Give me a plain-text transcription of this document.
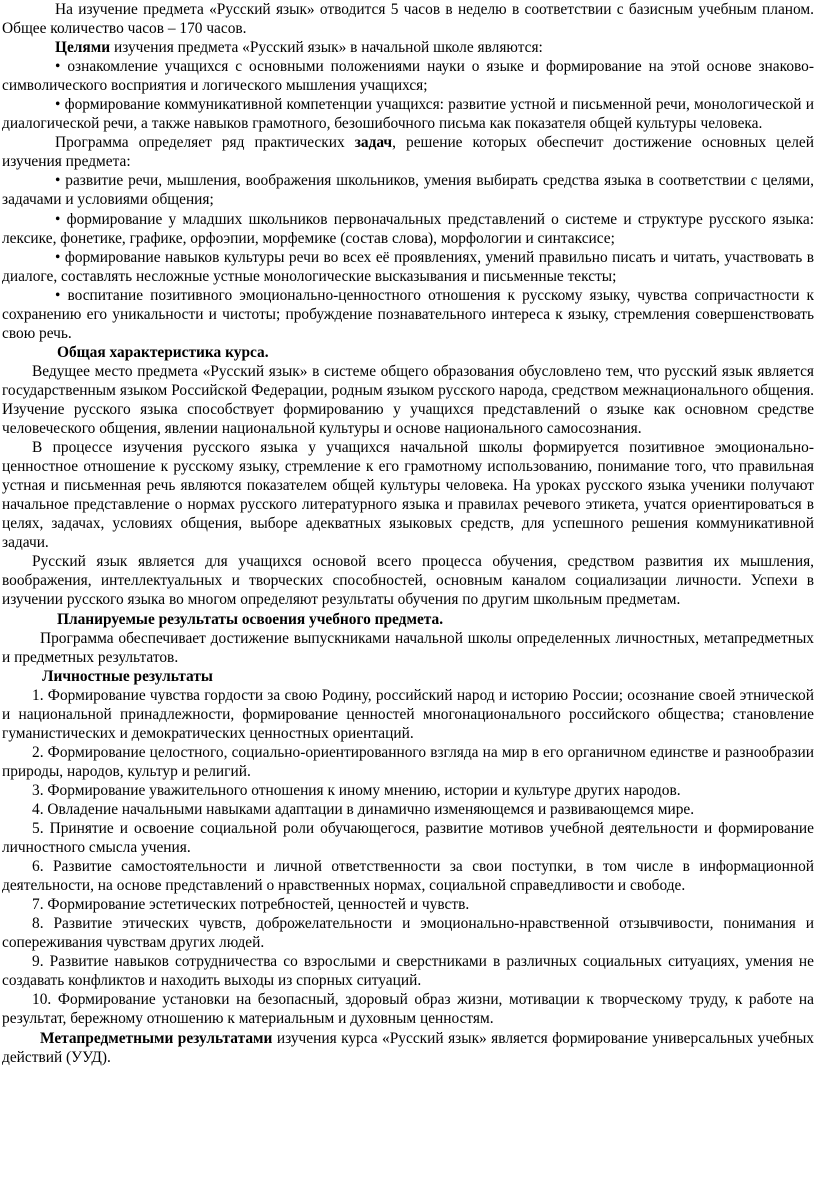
На изучение предмета «Русский язык» отводится 5 часов в неделю в соответствии с базисным учебным планом. Общее количество часов – 170 часов.

Целями изучения предмета «Русский язык» в начальной школе являются:

• ознакомление учащихся с основными положениями науки о языке и формирование на этой основе знаково-символического восприятия и логического мышления учащихся;

• формирование коммуникативной компетенции учащихся: развитие устной и письменной речи, монологической и диалогической речи, а также навыков грамотного, безошибочного письма как показателя общей культуры человека.

Программа определяет ряд практических задач, решение которых обеспечит достижение основных целей изучения предмета:

• развитие речи, мышления, воображения школьников, умения выбирать средства языка в соответствии с целями, задачами и условиями общения;

• формирование у младших школьников первоначальных представлений о системе и структуре русского языка: лексике, фонетике, графике, орфоэпии, морфемике (состав слова), морфологии и синтаксисе;

• формирование навыков культуры речи во всех её проявлениях, умений правильно писать и читать, участвовать в диалоге, составлять несложные устные монологические высказывания и письменные тексты;

• воспитание позитивного эмоционально-ценностного отношения к русскому языку, чувства сопричастности к сохранению его уникальности и чистоты; пробуждение познавательного интереса к языку, стремления совершенствовать свою речь.

Общая характеристика курса.

Ведущее место предмета «Русский язык» в системе общего образования обусловлено тем, что русский язык является государственным языком Российской Федерации, родным языком русского народа, средством межнационального общения. Изучение русского языка способствует формированию у учащихся представлений о языке как основном средстве человеческого общения, явлении национальной культуры и основе национального самосознания.

В процессе изучения русского языка у учащихся начальной школы формируется позитивное эмоционально-ценностное отношение к русскому языку, стремление к его грамотному использованию, понимание того, что правильная устная и письменная речь являются показателем общей культуры человека. На уроках русского языка ученики получают начальное представление о нормах русского литературного языка и правилах речевого этикета, учатся ориентироваться в целях, задачах, условиях общения, выборе адекватных языковых средств, для успешного решения коммуникативной задачи.

Русский язык является для учащихся основой всего процесса обучения, средством развития их мышления, воображения, интеллектуальных и творческих способностей, основным каналом социализации личности. Успехи в изучении русского языка во многом определяют результаты обучения по другим школьным предметам.

Планируемые результаты освоения учебного предмета.

Программа обеспечивает достижение выпускниками начальной школы определенных личностных, метапредметных и предметных результатов.

Личностные результаты

1. Формирование чувства гордости за свою Родину, российский народ и историю России; осознание своей этнической и национальной принадлежности, формирование ценностей многонационального российского общества; становление гуманистических и демократических ценностных ориентаций.

2. Формирование целостного, социально-ориентированного взгляда на мир в его органичном единстве и разнообразии природы, народов, культур и религий.

3. Формирование уважительного отношения к иному мнению, истории и культуре других народов.

4. Овладение начальными навыками адаптации в динамично изменяющемся и развивающемся мире.

5. Принятие и освоение социальной роли обучающегося, развитие мотивов учебной деятельности и формирование личностного смысла учения.

6. Развитие самостоятельности и личной ответственности за свои поступки, в том числе в информационной деятельности, на основе представлений о нравственных нормах, социальной справедливости и свободе.

7. Формирование эстетических потребностей, ценностей и чувств.

8. Развитие этических чувств, доброжелательности и эмоционально-нравственной отзывчивости, понимания и сопереживания чувствам других людей.

9. Развитие навыков сотрудничества со взрослыми и сверстниками в различных социальных ситуациях, умения не создавать конфликтов и находить выходы из спорных ситуаций.

10. Формирование установки на безопасный, здоровый образ жизни, мотивации к творческому труду, к работе на результат, бережному отношению к материальным и духовным ценностям.

Метапредметными результатами изучения курса «Русский язык» является формирование универсальных учебных действий (УУД).
